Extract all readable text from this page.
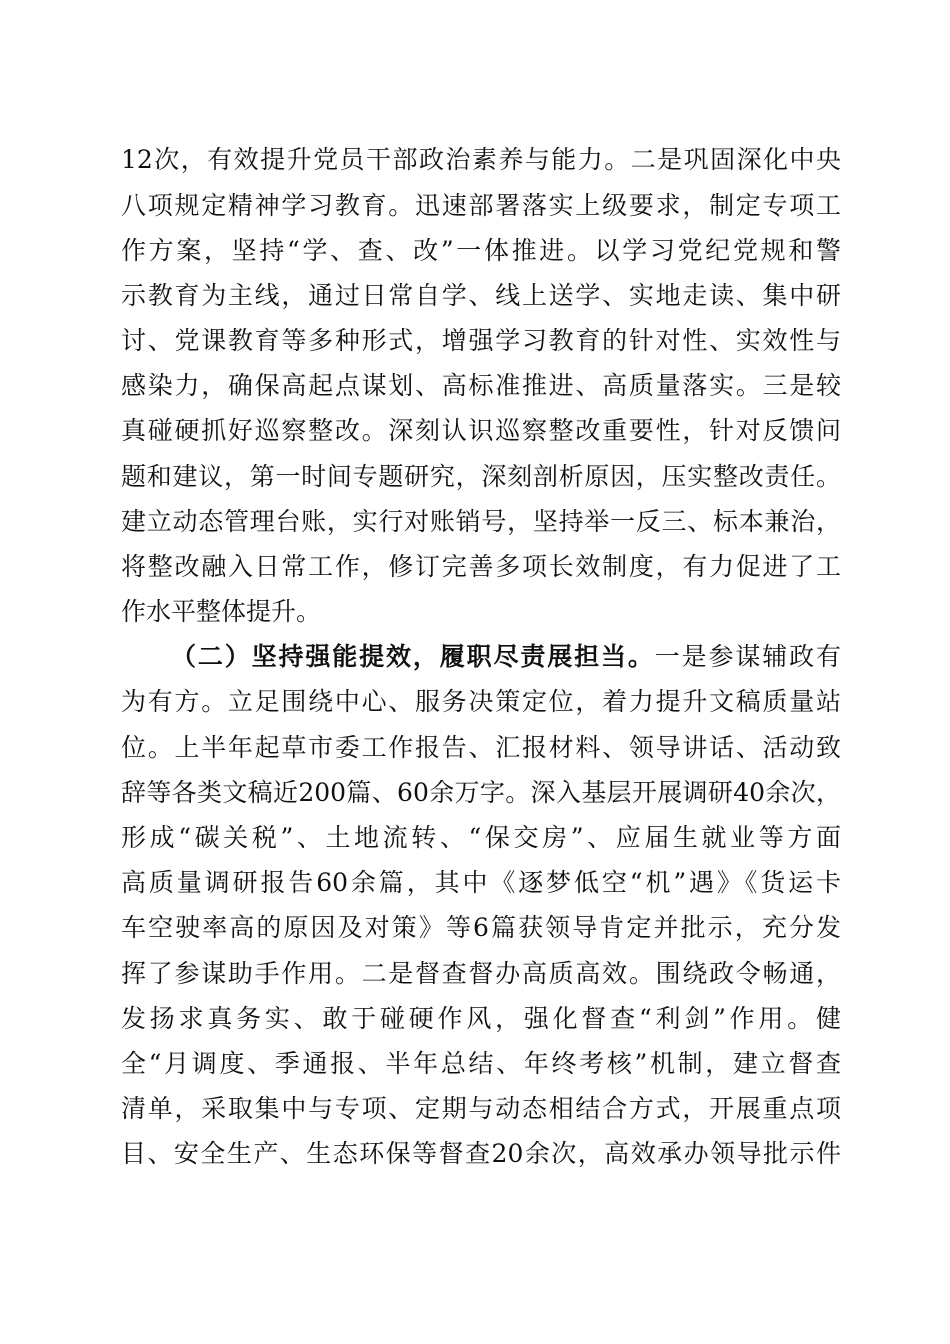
12次，有效提升党员干部政治素养与能力。二是巩固深化中央
八项规定精神学习教育。迅速部署落实上级要求，制定专项工
作方案，坚持“学、查、改”一体推进。以学习党纪党规和警
示教育为主线，通过日常自学、线上送学、实地走读、集中研
讨、党课教育等多种形式，增强学习教育的针对性、实效性与
感染力，确保高起点谋划、高标准推进、高质量落实。三是较
真碰硬抓好巡察整改。深刻认识巡察整改重要性，针对反馈问
题和建议，第一时间专题研究，深刻剖析原因，压实整改责任。
建立动态管理台账，实行对账销号，坚持举一反三、标本兼治，
将整改融入日常工作，修订完善多项长效制度，有力促进了工
作水平整体提升。
（二）坚持强能提效，履职尽责展担当。一是参谋辅政有
为有方。立足围绕中心、服务决策定位，着力提升文稿质量站
位。上半年起草市委工作报告、汇报材料、领导讲话、活动致
辞等各类文稿近200篇、60余万字。深入基层开展调研40余次，
形成“碳关税”、土地流转、“保交房”、应届生就业等方面
高质量调研报告60余篇，其中《逐梦低空“机”遇》《货运卡
车空驶率高的原因及对策》等6篇获领导肯定并批示，充分发
挥了参谋助手作用。二是督查督办高质高效。围绕政令畅通，
发扬求真务实、敢于碰硬作风，强化督查“利剑”作用。健
全“月调度、季通报、半年总结、年终考核”机制，建立督查
清单，采取集中与专项、定期与动态相结合方式，开展重点项
目、安全生产、生态环保等督查20余次，高效承办领导批示件
